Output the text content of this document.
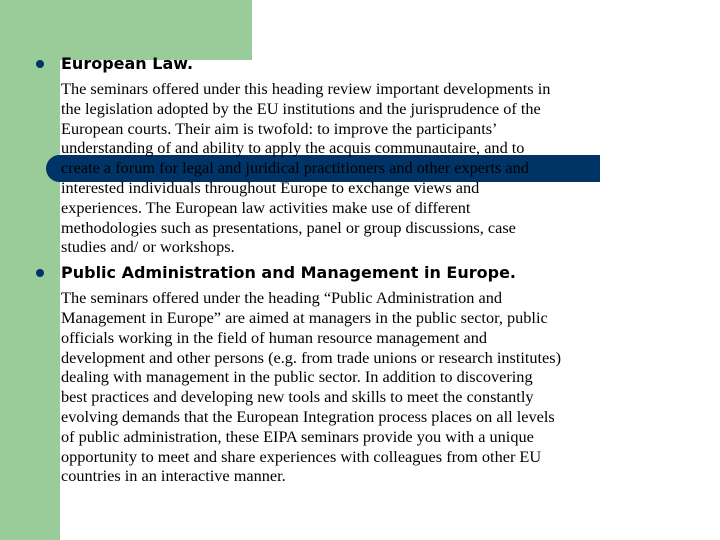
European Law.
The seminars offered under this heading review important developments in
the legislation adopted by the EU institutions and the jurisprudence of the
European courts. Their aim is twofold: to improve the participants’
understanding of and ability to apply the acquis communautaire, and to
create a forum for legal and juridical practitioners and other experts and
interested individuals throughout Europe to exchange views and
experiences. The European law activities make use of different
methodologies such as presentations, panel or group discussions, case
studies and/ or workshops.
Public Administration and Management in Europe.
The seminars offered under the heading “Public Administration and
Management in Europe” are aimed at managers in the public sector, public
officials working in the field of human resource management and
development and other persons (e.g. from trade unions or research institutes)
dealing with management in the public sector. In addition to discovering
best practices and developing new tools and skills to meet the constantly
evolving demands that the European Integration process places on all levels
of public administration, these EIPA seminars provide you with a unique
opportunity to meet and share experiences with colleagues from other EU
countries in an interactive manner.
